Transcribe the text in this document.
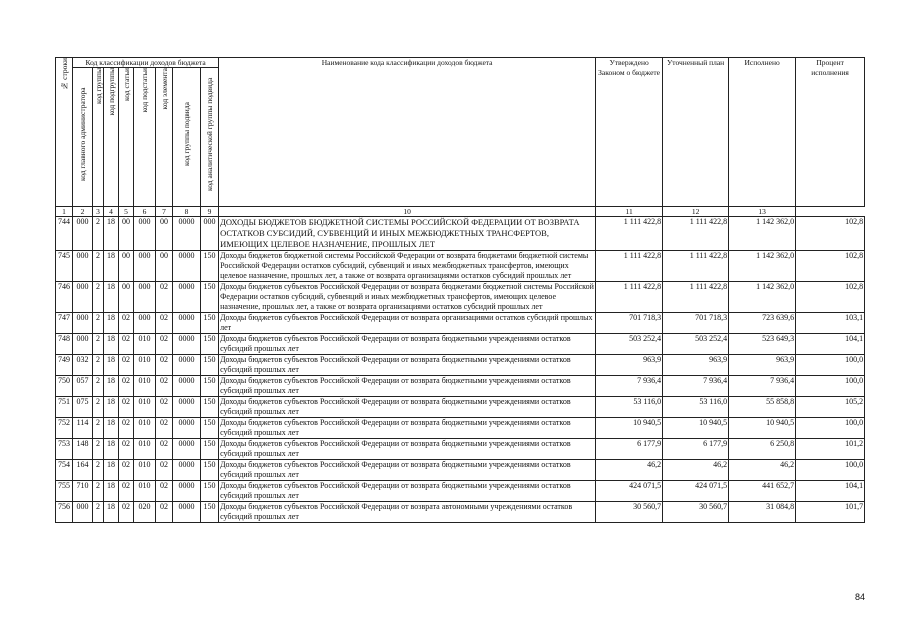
№ строки	Код классификации доходов бюджета								Наименование кода классификации доходов бюджета	Утверждено Законом о бюджете	Уточненный план	Исполнено	Процент исполнения
	код главного администратора	код группы	код подгруппы	код статьи	код подстатьи	код элемента	код группы подвида	код аналитической группы подвида					
1	2	3	4	5	6	7	8	9	10	11	12	13	
744	000	2	18	00	000	00	0000	000	ДОХОДЫ БЮДЖЕТОВ БЮДЖЕТНОЙ СИСТЕМЫ РОССИЙСКОЙ ФЕДЕРАЦИИ ОТ ВОЗВРАТА ОСТАТКОВ СУБСИДИЙ, СУБВЕНЦИЙ И ИНЫХ МЕЖБЮДЖЕТНЫХ ТРАНСФЕРТОВ, ИМЕЮЩИХ ЦЕЛЕВОЕ НАЗНАЧЕНИЕ, ПРОШЛЫХ ЛЕТ	1 111 422,8	1 111 422,8	1 142 362,0	102,8
745	000	2	18	00	000	00	0000	150	Доходы бюджетов бюджетной системы Российской Федерации от возврата бюджетами бюджетной системы Российской Федерации остатков субсидий, субвенций и иных межбюджетных трансфертов, имеющих целевое назначение, прошлых лет, а также от возврата организациями остатков субсидий прошлых лет	1 111 422,8	1 111 422,8	1 142 362,0	102,8
746	000	2	18	00	000	02	0000	150	Доходы бюджетов субъектов Российской Федерации от возврата бюджетами бюджетной системы Российской Федерации остатков субсидий, субвенций и иных межбюджетных трансфертов, имеющих целевое назначение, прошлых лет, а также от возврата организациями остатков субсидий прошлых лет	1 111 422,8	1 111 422,8	1 142 362,0	102,8
747	000	2	18	02	000	02	0000	150	Доходы бюджетов субъектов Российской Федерации от возврата организациями остатков субсидий прошлых лет	701 718,3	701 718,3	723 639,6	103,1
748	000	2	18	02	010	02	0000	150	Доходы бюджетов субъектов Российской Федерации от возврата бюджетными учреждениями остатков субсидий прошлых лет	503 252,4	503 252,4	523 649,3	104,1
749	032	2	18	02	010	02	0000	150	Доходы бюджетов субъектов Российской Федерации от возврата бюджетными учреждениями остатков субсидий прошлых лет	963,9	963,9	963,9	100,0
750	057	2	18	02	010	02	0000	150	Доходы бюджетов субъектов Российской Федерации от возврата бюджетными учреждениями остатков субсидий прошлых лет	7 936,4	7 936,4	7 936,4	100,0
751	075	2	18	02	010	02	0000	150	Доходы бюджетов субъектов Российской Федерации от возврата бюджетными учреждениями остатков субсидий прошлых лет	53 116,0	53 116,0	55 858,8	105,2
752	114	2	18	02	010	02	0000	150	Доходы бюджетов субъектов Российской Федерации от возврата бюджетными учреждениями остатков субсидий прошлых лет	10 940,5	10 940,5	10 940,5	100,0
753	148	2	18	02	010	02	0000	150	Доходы бюджетов субъектов Российской Федерации от возврата бюджетными учреждениями остатков субсидий прошлых лет	6 177,9	6 177,9	6 250,8	101,2
754	164	2	18	02	010	02	0000	150	Доходы бюджетов субъектов Российской Федерации от возврата бюджетными учреждениями остатков субсидий прошлых лет	46,2	46,2	46,2	100,0
755	710	2	18	02	010	02	0000	150	Доходы бюджетов субъектов Российской Федерации от возврата бюджетными учреждениями остатков субсидий прошлых лет	424 071,5	424 071,5	441 652,7	104,1
756	000	2	18	02	020	02	0000	150	Доходы бюджетов субъектов Российской Федерации от возврата автономными учреждениями остатков субсидий прошлых лет	30 560,7	30 560,7	31 084,8	101,7
84
